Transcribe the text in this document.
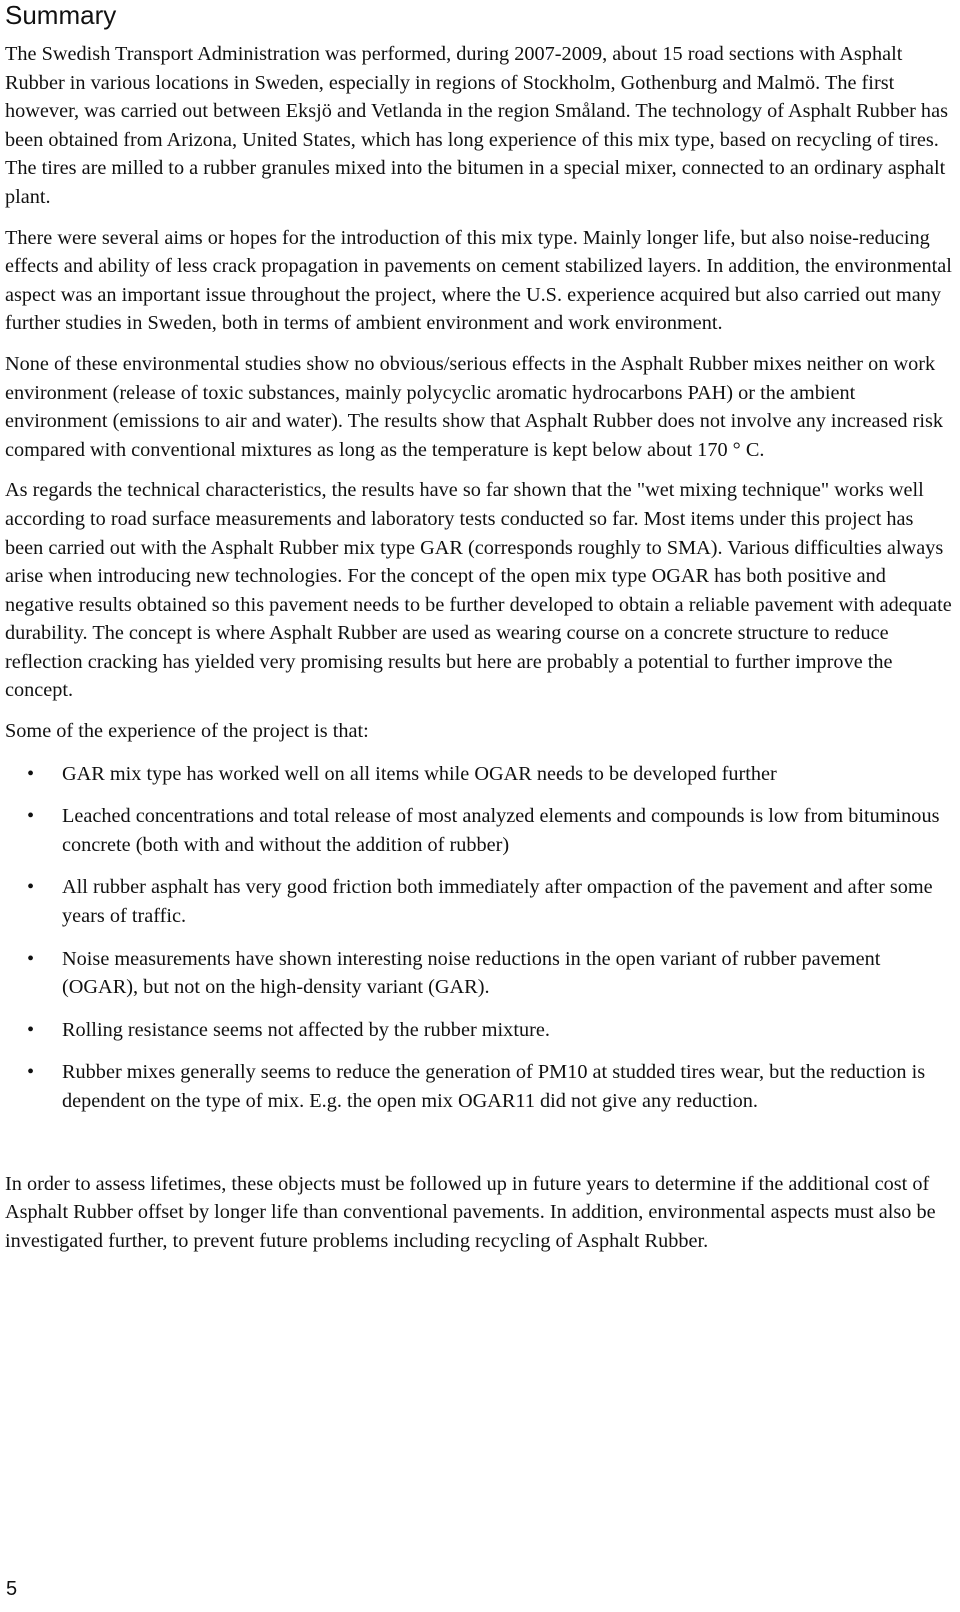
Summary

The Swedish Transport Administration was performed, during 2007-2009, about 15 road sections with Asphalt Rubber in various locations in Sweden, especially in regions of Stockholm, Gothenburg and Malmö. The first however, was carried out between Eksjö and Vetlanda in the region Småland. The technology of Asphalt Rubber has been obtained from Arizona, United States, which has long experience of this mix type, based on recycling of tires. The tires are milled to a rubber granules mixed into the bitumen in a special mixer, connected to an ordinary asphalt plant.

There were several aims or hopes for the introduction of this mix type. Mainly longer life, but also noise-reducing effects and ability of less crack propagation in pavements on cement stabilized layers. In addition, the environmental aspect was an important issue throughout the project, where the U.S. experience acquired but also carried out many further studies in Sweden, both in terms of ambient environment and work environment.

None of these environmental studies show no obvious/serious effects in the Asphalt Rubber mixes neither on work environment (release of toxic substances, mainly polycyclic aromatic hydrocarbons PAH) or the ambient environment (emissions to air and water). The results show that Asphalt Rubber does not involve any increased risk compared with conventional mixtures as long as the temperature is kept below about 170 ° C.

As regards the technical characteristics, the results have so far shown that the "wet mixing technique" works well according to road surface measurements and laboratory tests conducted so far. Most items under this project has been carried out with the Asphalt Rubber mix type GAR (corresponds roughly to SMA). Various difficulties always arise when introducing new technologies. For the concept of the open mix type OGAR has both positive and negative results obtained so this pavement needs to be further developed to obtain a reliable pavement with adequate durability. The concept is where Asphalt Rubber are used as wearing course on a concrete structure to reduce reflection cracking has yielded very promising results but here are probably a potential to further improve the concept.

Some of the experience of the project is that:

• GAR mix type has worked well on all items while OGAR needs to be developed further
• Leached concentrations and total release of most analyzed elements and compounds is low from bituminous concrete (both with and without the addition of rubber)
• All rubber asphalt has very good friction both immediately after ompaction of the pavement and after some years of traffic.
• Noise measurements have shown interesting noise reductions in the open variant of rubber pavement (OGAR), but not on the high-density variant (GAR).
• Rolling resistance seems not affected by the rubber mixture.
• Rubber mixes generally seems to reduce the generation of PM10 at studded tires wear, but the reduction is dependent on the type of mix. E.g. the open mix OGAR11 did not give any reduction.

In order to assess lifetimes, these objects must be followed up in future years to determine if the additional cost of Asphalt Rubber offset by longer life than conventional pavements. In addition, environmental aspects must also be investigated further, to prevent future problems including recycling of Asphalt Rubber.

5
